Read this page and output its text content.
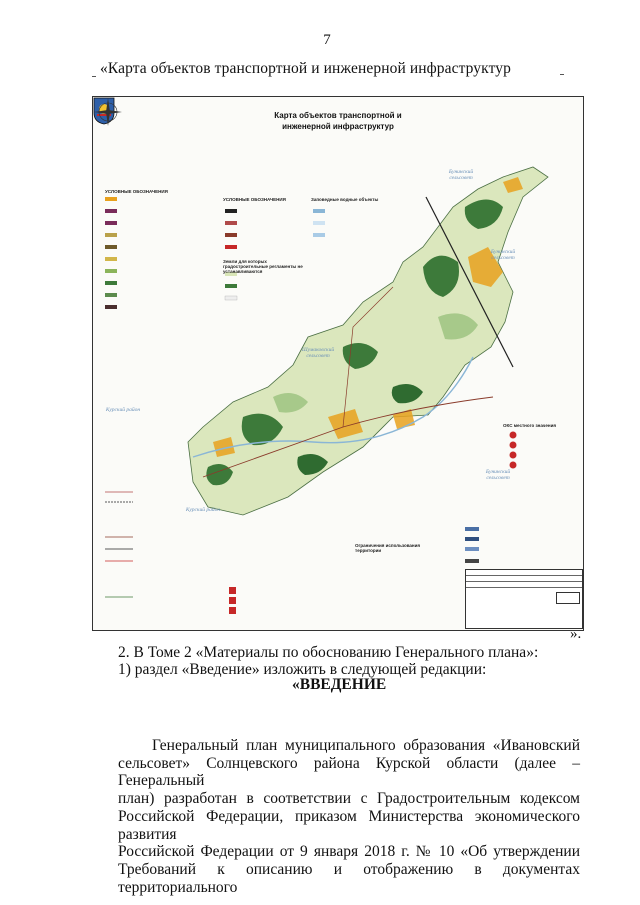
7
«Карта объектов транспортной и инженерной инфраструктур
Карта объектов транспортной и
инженерной инфраструктур
УСЛОВНЫЕ ОБОЗНАЧЕНИЯ
УСЛОВНЫЕ ОБОЗНАЧЕНИЯ	Заповедные водные объекты
Земли для которых градостроительные регламенты не устанавливаются
Ограничения использования территории
ОКС местного значения
Бунинский сельсовет
Бунинский сельсовет
Шумаковский сельсовет
Курский район
Бунинский сельсовет
Курский район
».
2. В Томе 2 «Материалы по обоснованию Генерального плана»:
1) раздел «Введение» изложить в следующей редакции:
«ВВЕДЕНИЕ
Генеральный план муниципального образования «Ивановский
сельсовет» Солнцевского района Курской области (далее – Генеральный
план) разработан в соответствии с Градостроительным кодексом
Российской Федерации, приказом Министерства экономического развития
Российской Федерации от 9 января 2018 г. № 10 «Об утверждении
Требований к описанию и отображению в документах территориального
